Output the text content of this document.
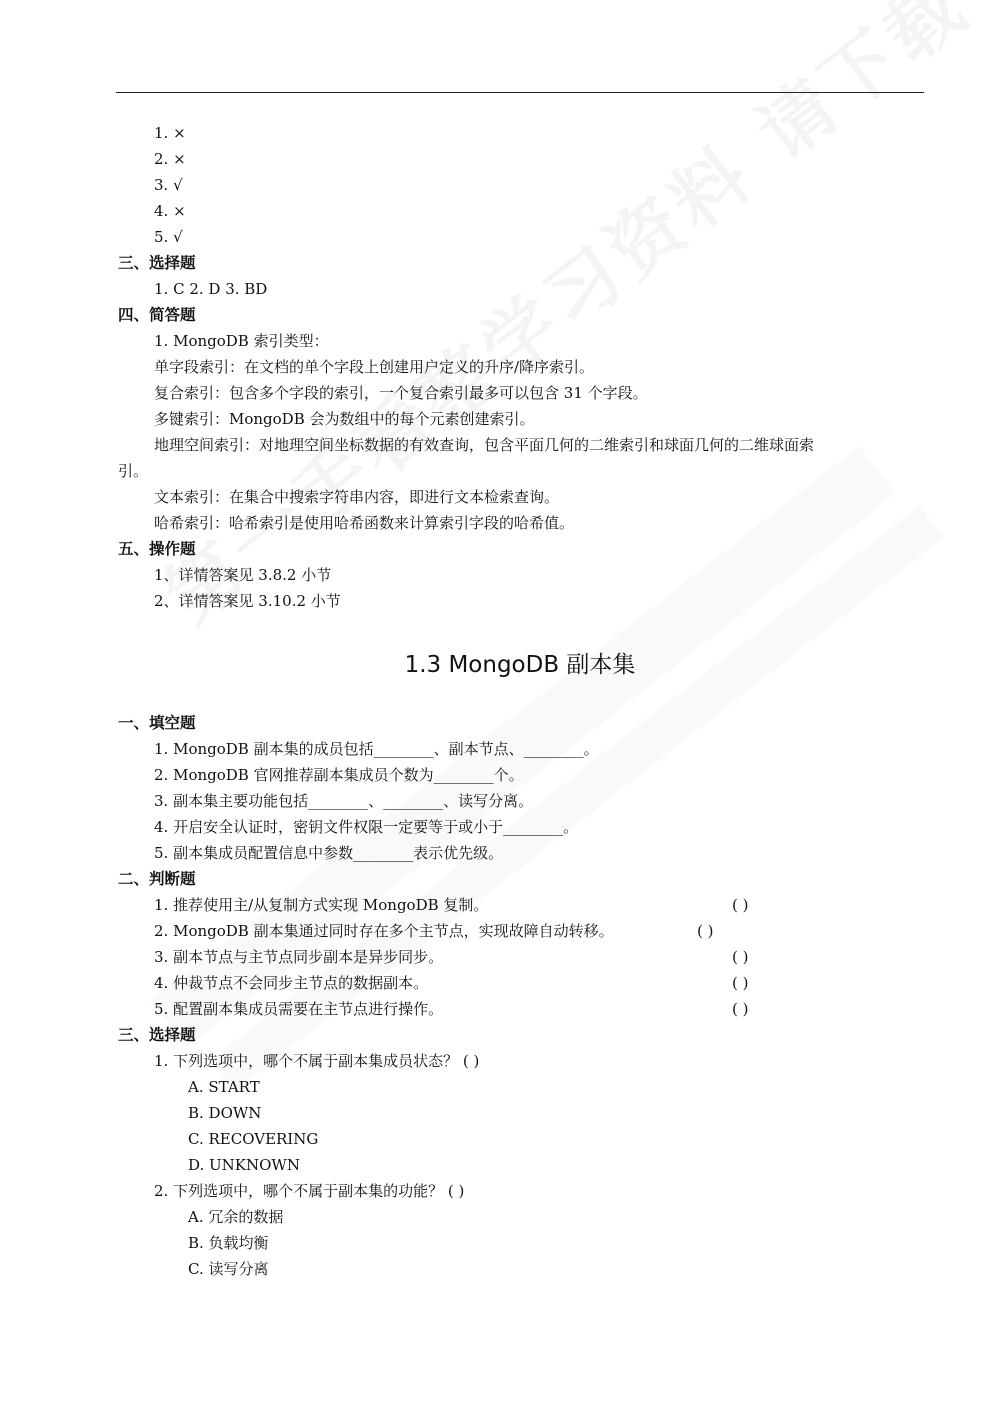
1. ×
2. ×
3. √
4. ×
5. √
三、选择题
1. C 2. D 3. BD
四、简答题
1. MongoDB 索引类型：
单字段索引：在文档的单个字段上创建用户定义的升序/降序索引。
复合索引：包含多个字段的索引，一个复合索引最多可以包含 31 个字段。
多键索引：MongoDB 会为数组中的每个元素创建索引。
地理空间索引：对地理空间坐标数据的有效查询，包含平面几何的二维索引和球面几何的二维球面索
引。
文本索引：在集合中搜索字符串内容，即进行文本检索查询。
哈希索引：哈希索引是使用哈希函数来计算索引字段的哈希值。
五、操作题
1、详情答案见 3.8.2 小节
2、详情答案见 3.10.2 小节
1.3 MongoDB 副本集
一、填空题
1. MongoDB 副本集的成员包括________、副本节点、________。
2. MongoDB 官网推荐副本集成员个数为________个。
3. 副本集主要功能包括________、________、读写分离。
4. 开启安全认证时，密钥文件权限一定要等于或小于________。
5. 副本集成员配置信息中参数________表示优先级。
二、判断题
1. 推荐使用主/从复制方式实现 MongoDB 复制。	( )
2. MongoDB 副本集通过同时存在多个主节点，实现故障自动转移。	( )
3. 副本节点与主节点同步副本是异步同步。	( )
4. 仲裁节点不会同步主节点的数据副本。	( )
5. 配置副本集成员需要在主节点进行操作。	( )
三、选择题
1. 下列选项中，哪个不属于副本集成员状态？ ( )
A. START
B. DOWN
C. RECOVERING
D. UNKNOWN
2. 下列选项中，哪个不属于副本集的功能？ ( )
A. 冗余的数据
B. 负载均衡
C. 读写分离
